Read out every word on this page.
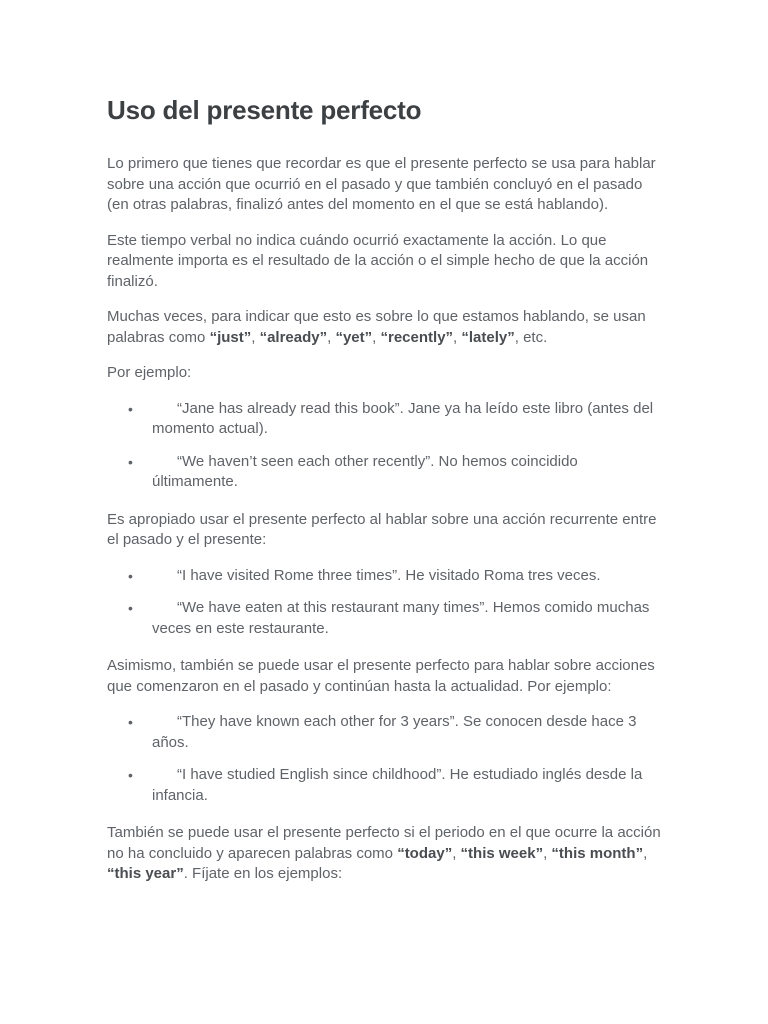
Uso del presente perfecto

Lo primero que tienes que recordar es que el presente perfecto se usa para hablar sobre una acción que ocurrió en el pasado y que también concluyó en el pasado (en otras palabras, finalizó antes del momento en el que se está hablando).

Este tiempo verbal no indica cuándo ocurrió exactamente la acción. Lo que realmente importa es el resultado de la acción o el simple hecho de que la acción finalizó.

Muchas veces, para indicar que esto es sobre lo que estamos hablando, se usan palabras como “just”, “already”, “yet”, “recently”, “lately”, etc.

Por ejemplo:

•	“Jane has already read this book”. Jane ya ha leído este libro (antes del momento actual).
•	“We haven’t seen each other recently”. No hemos coincidido últimamente.

Es apropiado usar el presente perfecto al hablar sobre una acción recurrente entre el pasado y el presente:

•	“I have visited Rome three times”. He visitado Roma tres veces.
•	“We have eaten at this restaurant many times”. Hemos comido muchas veces en este restaurante.

Asimismo, también se puede usar el presente perfecto para hablar sobre acciones que comenzaron en el pasado y continúan hasta la actualidad. Por ejemplo:

•	“They have known each other for 3 years”. Se conocen desde hace 3 años.
•	“I have studied English since childhood”. He estudiado inglés desde la infancia.

También se puede usar el presente perfecto si el periodo en el que ocurre la acción no ha concluido y aparecen palabras como “today”, “this week”, “this month”, “this year”. Fíjate en los ejemplos:
